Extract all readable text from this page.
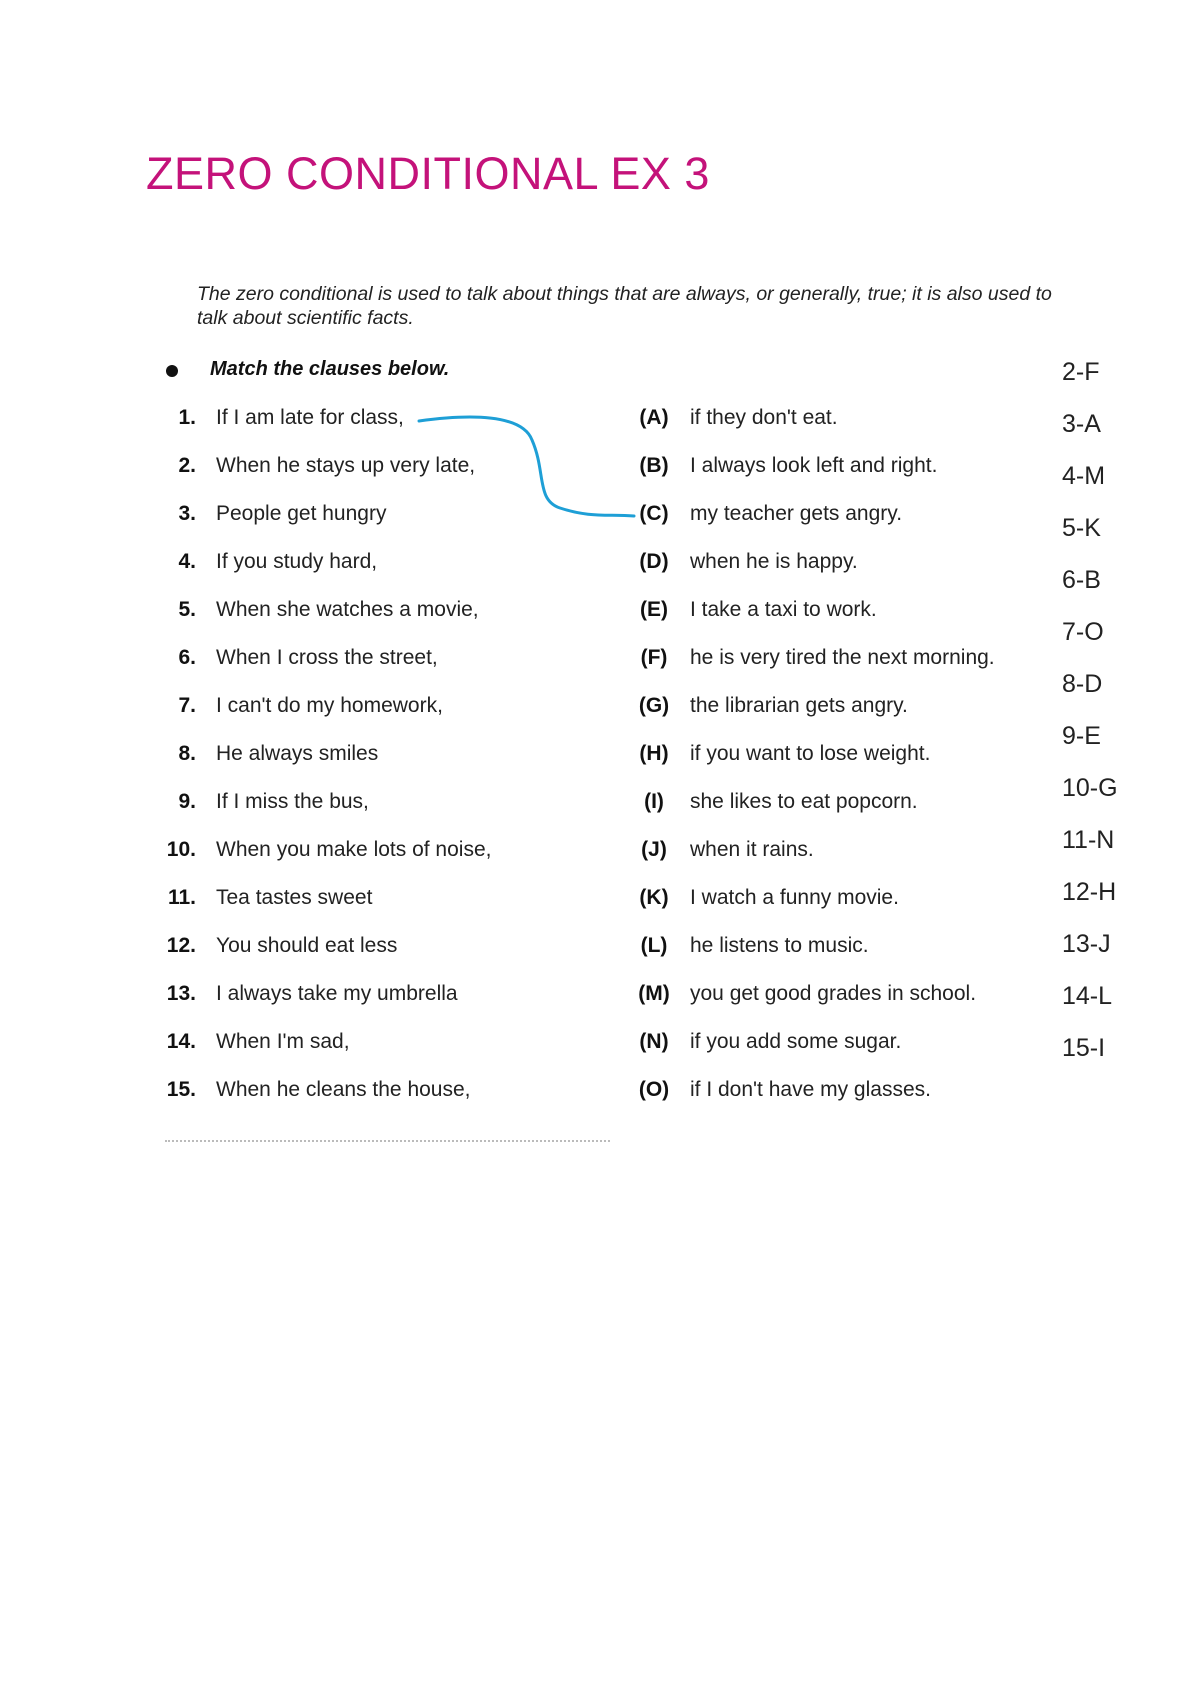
ZERO CONDITIONAL EX 3
The zero conditional is used to talk about things that are always, or generally, true; it is also used to talk about scientific facts.
Match the clauses below.
1. If I am late for class,	(A)	if they don't eat.
2. When he stays up very late,	(B)	I always look left and right.
3. People get hungry	(C)	my teacher gets angry.
4. If you study hard,	(D)	when he is happy.
5. When she watches a movie,	(E)	I take a taxi to work.
6. When I cross the street,	(F)	he is very tired the next morning.
7. I can't do my homework,	(G) the librarian gets angry.
8. He always smiles	(H)	if you want to lose weight.
9. If I miss the bus,	(I)	she likes to eat popcorn.
10. When you make lots of noise,	(J)	when it rains.
11. Tea tastes sweet	(K)	I watch a funny movie.
12. You should eat less	(L)	he listens to music.
13. I always take my umbrella	(M) you get good grades in school.
14. When I'm sad,	(N)	if you add some sugar.
15. When he cleans the house,	(O) if I don't have my glasses.
2-F
3-A
4-M
5-K
6-B
7-O
8-D
9-E
10-G
11-N
12-H
13-J
14-L
15-I
